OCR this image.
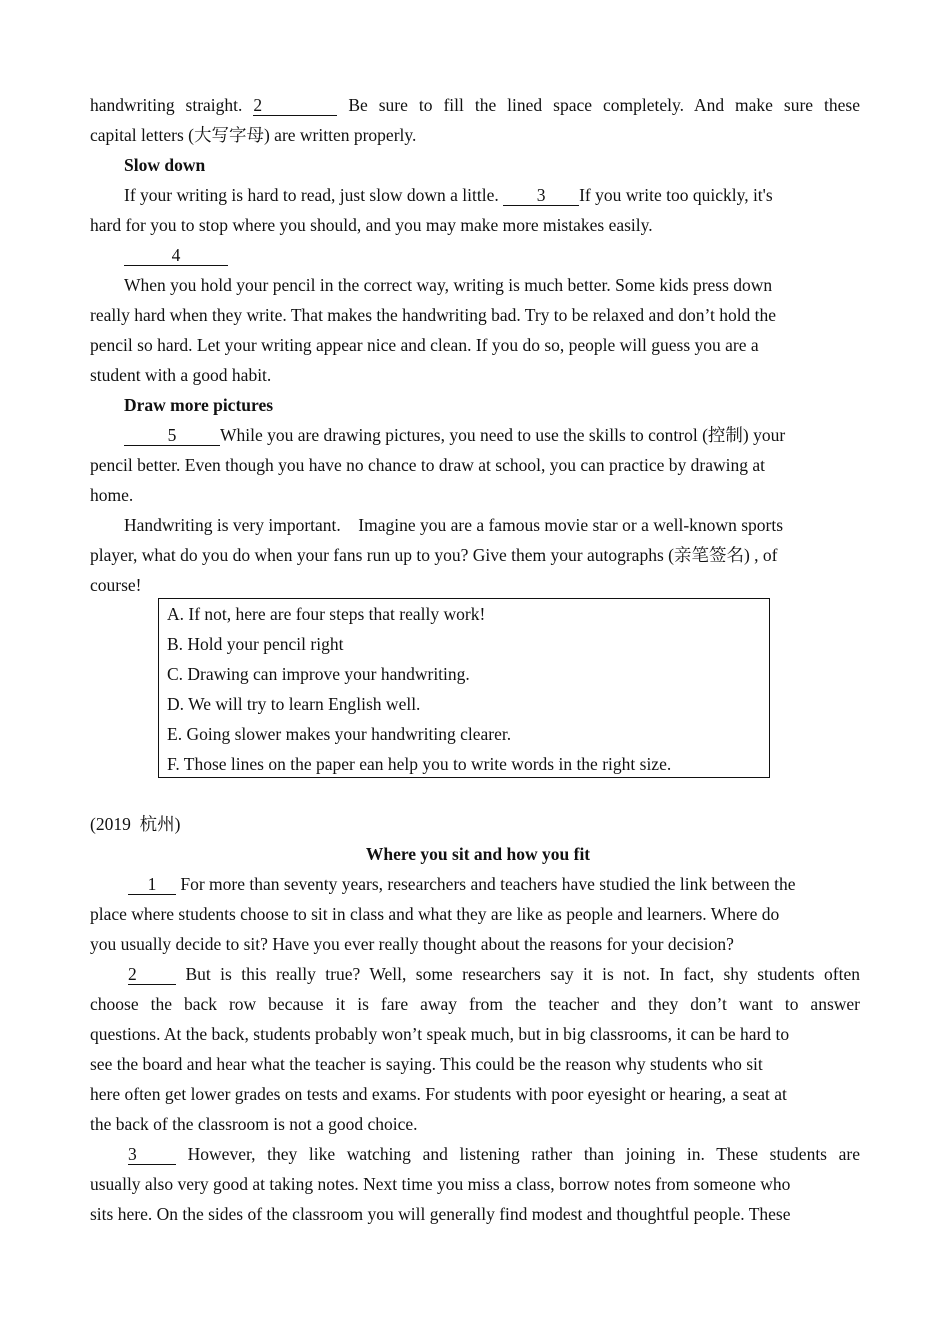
handwriting straight. 2	Be sure to fill the lined space completely. And make sure these
capital letters (大写字母) are written properly.
Slow down
If your writing is hard to read, just slow down a little. 3 If you write too quickly, it's
hard for you to stop where you should, and you may make more mistakes easily.
4
When you hold your pencil in the correct way, writing is much better. Some kids press down
really hard when they write. That makes the handwriting bad. Try to be relaxed and don’t hold the
pencil so hard. Let your writing appear nice and clean. If you do so, people will guess you are a
student with a good habit.
Draw more pictures
5 While you are drawing pictures, you need to use the skills to control (控制) your
pencil better. Even though you have no chance to draw at school, you can practice by drawing at
home.
Handwriting is very important.    Imagine you are a famous movie star or a well-known sports
player, what do you do when your fans run up to you? Give them your autographs (亲笔签名) , of
course!
A. If not, here are four steps that really work!
B. Hold your pencil right
C. Drawing can improve your handwriting.
D. We will try to learn English well.
E. Going slower makes your handwriting clearer.
F. Those lines on the paper ean help you to write words in the right size.
(2019  杭州)
Where you sit and how you fit
1 For more than seventy years, researchers and teachers have studied the link between the
place where students choose to sit in class and what they are like as people and learners. Where do
you usually decide to sit? Have you ever really thought about the reasons for your decision?
2	But is this really true? Well, some researchers say it is not. In fact, shy students often
choose the back row because it is fare away from the teacher and they don’t want to answer
questions. At the back, students probably won’t speak much, but in big classrooms, it can be hard to
see the board and hear what the teacher is saying. This could be the reason why students who sit
here often get lower grades on tests and exams. For students with poor eyesight or hearing, a seat at
the back of the classroom is not a good choice.
3	However, they like watching and listening rather than joining in. These students are
usually also very good at taking notes. Next time you miss a class, borrow notes from someone who
sits here. On the sides of the classroom you will generally find modest and thoughtful people. These
